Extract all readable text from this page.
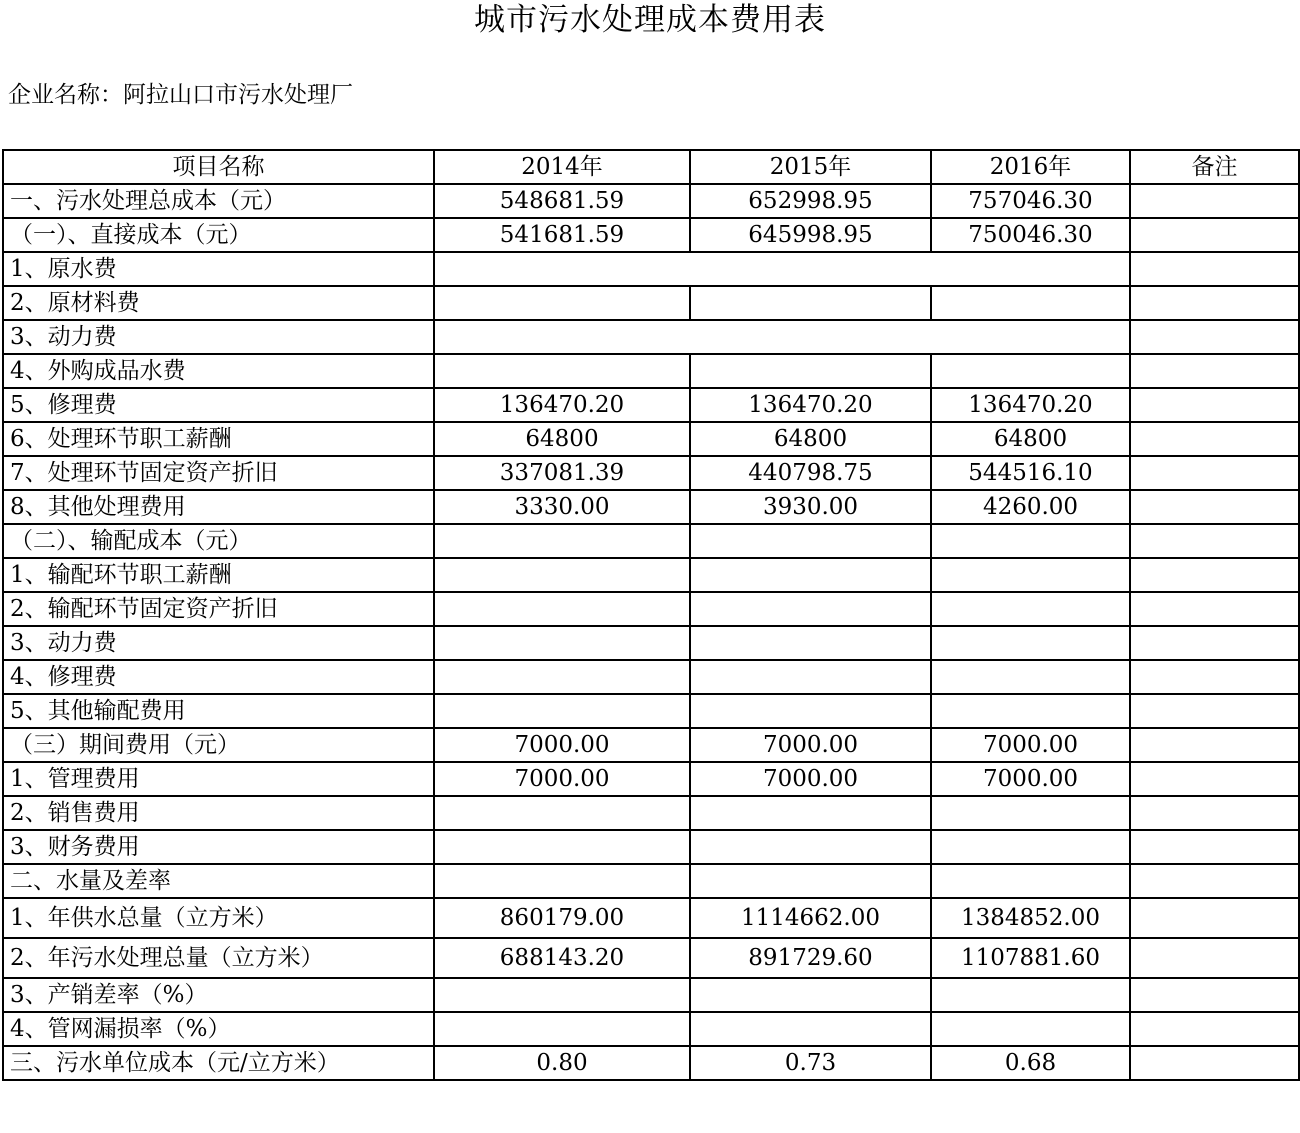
城市污水处理成本费用表
企业名称：阿拉山口市污水处理厂
项目名称	2014年	2015年	2016年	备注
一、污水处理总成本（元）	548681.59	652998.95	757046.30	
（一）、直接成本（元）	541681.59	645998.95	750046.30	
1、原水费				
2、原材料费				
3、动力费				
4、外购成品水费				
5、修理费	136470.20	136470.20	136470.20	
6、处理环节职工薪酬	64800	64800	64800	
7、处理环节固定资产折旧	337081.39	440798.75	544516.10	
8、其他处理费用	3330.00	3930.00	4260.00	
（二）、输配成本（元）				
1、输配环节职工薪酬				
2、输配环节固定资产折旧				
3、动力费				
4、修理费				
5、其他输配费用				
（三）期间费用（元）	7000.00	7000.00	7000.00	
1、管理费用	7000.00	7000.00	7000.00	
2、销售费用				
3、财务费用				
二、水量及差率				
1、年供水总量（立方米）	860179.00	1114662.00	1384852.00	
2、年污水处理总量（立方米）	688143.20	891729.60	1107881.60	
3、产销差率（%）				
4、管网漏损率（%）				
三、污水单位成本（元/立方米）	0.80	0.73	0.68	
